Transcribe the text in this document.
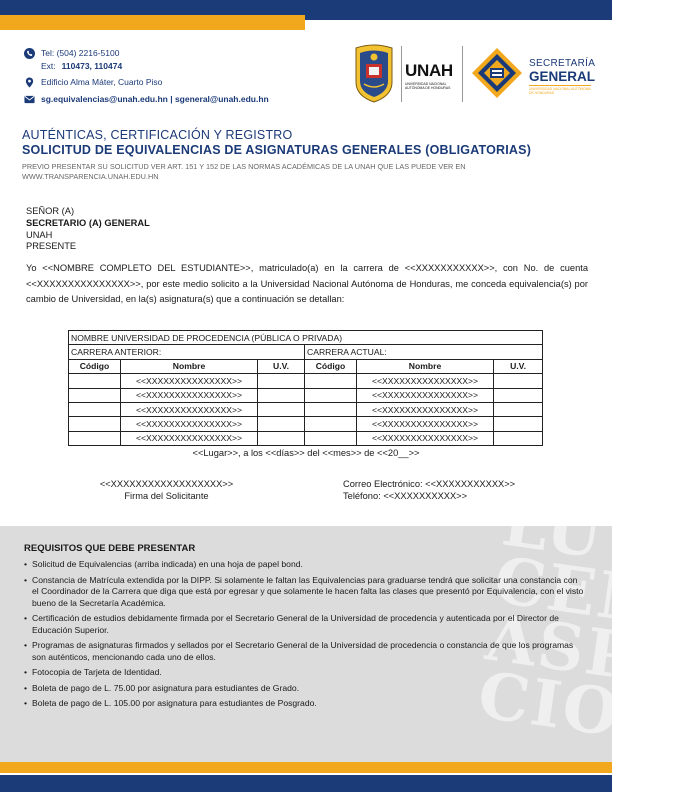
Tel: (504) 2216-5100
Ext: 110473, 110474
Edificio Alma Máter, Cuarto Piso
sg.equivalencias@unah.edu.hn | sgeneral@unah.edu.hn
UNAH
UNIVERSIDAD NACIONAL AUTÓNOMA DE HONDURAS
SECRETARÍA
GENERAL
UNIVERSIDAD NACIONAL AUTÓNOMA DE HONDURAS
AUTÉNTICAS, CERTIFICACIÓN Y REGISTRO
SOLICITUD DE EQUIVALENCIAS DE ASIGNATURAS GENERALES (OBLIGATORIAS)
PREVIO PRESENTAR SU SOLICITUD VER ART. 151 Y 152 DE LAS NORMAS ACADÉMICAS DE LA UNAH QUE LAS PUEDE VER EN WWW.TRANSPARENCIA.UNAH.EDU.HN
SEÑOR (A)
SECRETARIO (A) GENERAL
UNAH
PRESENTE
Yo <<NOMBRE COMPLETO DEL ESTUDIANTE>>, matriculado(a) en la carrera de <<XXXXXXXXXXX>>, con No. de cuenta <<XXXXXXXXXXXXXXX>>, por este medio solicito a la Universidad Nacional Autónoma de Honduras, me conceda equivalencia(s) por cambio de Universidad, en la(s) asignatura(s) que a continuación se detallan:
NOMBRE UNIVERSIDAD DE PROCEDENCIA (PÚBLICA O PRIVADA)					
CARRERA ANTERIOR:			CARRERA ACTUAL:		
Código	Nombre	U.V.	Código	Nombre	U.V.
	<<XXXXXXXXXXXXXXX>>			<<XXXXXXXXXXXXXXX>>	
	<<XXXXXXXXXXXXXXX>>			<<XXXXXXXXXXXXXXX>>	
	<<XXXXXXXXXXXXXXX>>			<<XXXXXXXXXXXXXXX>>	
	<<XXXXXXXXXXXXXXX>>			<<XXXXXXXXXXXXXXX>>	
	<<XXXXXXXXXXXXXXX>>			<<XXXXXXXXXXXXXXX>>	
<<Lugar>>, a los <<días>> del <<mes>> de <<20__>>
<<XXXXXXXXXXXXXXXXXX>>
Firma del Solicitante
Correo Electrónico: <<XXXXXXXXXXX>>
Teléfono: <<XXXXXXXXXX>> LU
CEM
ASPI
CIO
REQUISITOS QUE DEBE PRESENTAR
• Solicitud de Equivalencias (arriba indicada) en una hoja de papel bond.
• Constancia de Matrícula extendida por la DIPP. Si solamente le faltan las Equivalencias para graduarse tendrá que solicitar una constancia con el Coordinador de la Carrera que diga que está por egresar y que solamente le hacen falta las clases que presentó por Equivalencia, con el visto bueno de la Secretaría Académica.
• Certificación de estudios debidamente firmada por el Secretario General de la Universidad de procedencia y autenticada por el Director de Educación Superior.
• Programas de asignaturas firmados y sellados por el Secretario General de la Universidad de procedencia o constancia de que los programas son auténticos, mencionando cada uno de ellos.
• Fotocopia de Tarjeta de Identidad.
• Boleta de pago de L. 75.00 por asignatura para estudiantes de Grado.
• Boleta de pago de L. 105.00 por asignatura para estudiantes de Posgrado.
